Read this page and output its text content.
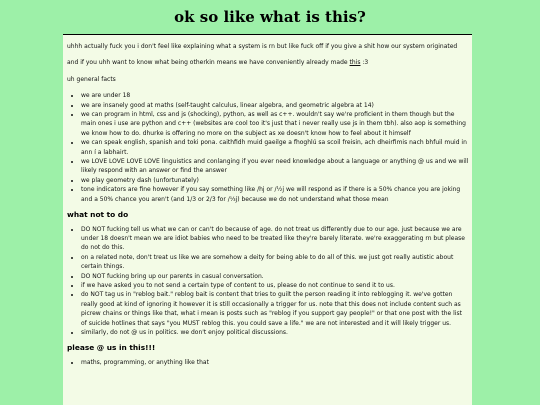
ok so like what is this?

uhhh actually fuck you i don't feel like explaining what a system is rn but like fuck off if you give a shit how our system originated

and if you uhh want to know what being otherkin means we have conveniently already made this :3

uh general facts

• we are under 18
• we are insanely good at maths (self-taught calculus, linear algebra, and geometric algebra at 14)
• we can program in html, css and js (shocking), python, as well as c++. wouldn't say we're proficient in them though but the main ones i use are python and c++ (websites are cool too it's just that i never really use js in them tbh). also aop is something we know how to do. dhurke is offering no more on the subject as xe doesn't know how to feel about it himself
• we can speak english, spanish and toki pona. caithfidh muid gaeilge a fhoghlú sa scoil freisin, ach dheirfimis nach bhfuil muid in ann í a labhairt.
• we LOVE LOVE LOVE LOVE linguistics and conlanging if you ever need knowledge about a language or anything @ us and we will likely respond with an answer or find the answer
• we play geometry dash (unfortunately)
• tone indicators are fine however if you say something like /hj or /½j we will respond as if there is a 50% chance you are joking and a 50% chance you aren't (and 1/3 or 2/3 for /⅓j) because we do not understand what those mean
what not to do
• DO NOT fucking tell us what we can or can't do because of age. do not treat us differently due to our age. just because we are under 18 doesn't mean we are idiot babies who need to be treated like they're barely literate. we're exaggerating rn but please do not do this.
• on a related note, don't treat us like we are somehow a deity for being able to do all of this. we just got really autistic about certain things.
• DO NOT fucking bring up our parents in casual conversation.
• if we have asked you to not send a certain type of content to us, please do not continue to send it to us.
• do NOT tag us in "reblog bait." reblog bait is content that tries to guilt the person reading it into reblogging it. we've gotten really good at kind of ignoring it however it is still occasionally a trigger for us. note that this does not include content such as picrew chains or things like that, what i mean is posts such as "reblog if you support gay people!" or that one post with the list of suicide hotlines that says "you MUST reblog this. you could save a life." we are not interested and it will likely trigger us.
• similarly, do not @ us in politics. we don't enjoy political discussions.
please @ us in this!!!
• maths, programming, or anything like that
